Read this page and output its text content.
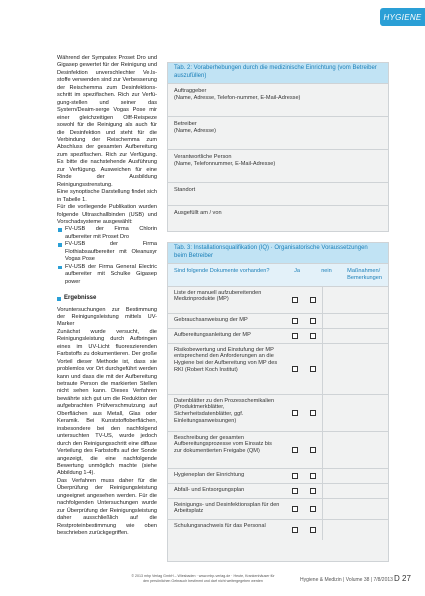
HYGIENE

Während der Sympatex Proset Dro und Gigasep gewertet für der Reinigung und Desinfektion unverschlechter Ve.ls-stoffe verwenden sind zur Verbesserung der Reischemma zum Desinfektions-schritt im spezifischen. Rich zur Verfü-gung-stellen und seiner das Systern/Deaim-serge Vogas Pose mir einer gleichzeitigen Olff-Reispeze sowohl für die Reinigung als auch für die Desinfektion und steht für die Verbindung der Reischemma zum Abschluss der gesamten Aufbereitung zum spezifischen. Rich zur Verfügung. Es bitte die nachstehende Ausführung zur Verfügung. Ausweichen für eine Rinde der Ausbildung Reinigungsstrenstung.

Eine synoptische Darstellung findet sich in Tabelle 1.

Für die vorliegende Publikation wurden folgende Ultraschallbinden (USB) und Vorschadsysteme ausgewählt:

FV-USB der Firma Chlorin aufbereiter mit Proset Dro

FV-USB der Firma Flothiabsaufbereiter mit Oleanusyr Vogas Pose

FV-USB der Firma General Electric aufbereiter mit Schulke Gigasep power

Ergebnisse

Voruntersuchungen zur Bestimmung der Reinigungsleistung mittels UV-Marker

Zunächst wurde versucht, die Reinigungsleistung durch Aufbringen eines im UV-Licht fluoreszierenden Farbstoffs zu dokumentieren. Der große Vorteil dieser Methode ist, dass sie problemlos vor Ort durchgeführt werden kann und dass die mit der Aufbereitung betraute Person die markierten Stellen nicht sehen kann. Dieses Verfahren bewährte sich gut um die Reduktion der aufgebrachten Prüfverschmutzung auf Oberflächen aus Metall, Glas oder Keramik. Bei Kunststoffoberflächen, insbesondere bei den nachfolgend untersuchten TV-US, wurde jedoch durch den Reinigungsschritt eine diffuse Verteilung des Farbstoffs auf der Sonde angezeigt, die eine nachfolgende Bewertung unmöglich machte (siehe Abbildung 1-4).

Das Verfahren muss daher für die Überprüfung der Reinigungsleistung ungeeignet angesehen werden. Für die nachfolgenden Untersuchungen wurde zur Überprüfung der Reinigungsleistung daher ausschließlich auf die Restproteinbestimmung wie oben beschrieben zurückgegriffen.

Tab. 2: Voraberhebungen durch die medizinische Einrichtung (vom Betreiber auszufüllen)
Auftraggeber
(Name, Adresse, Telefon-nummer, E-Mail-Adresse)
Betreiber
(Name, Adresse)
Verantwortliche Person
(Name, Telefonnummer, E-Mail-Adresse)
Standort
Ausgefüllt am / von
Tab. 3: Installationsqualifikation (IQ) · Organisatorische Voraussetzungen beim Betreiber
Sind folgende Dokumente vorhanden?	Ja	nein	Maßnahmen/ Bemerkungen
Liste der manuell aufzubereitenden Medizinprodukte (MP)
Gebrauchsanweisung der MP
Aufbereitungsanleitung der MP
Risikobewertung und Einstufung der MP entsprechend den Anforderungen an die Hygiene bei der Aufbereitung von MP des RKI (Robert Koch Institut)
Datenblätter zu den Prozesschemikalien (Produktmerkblätter, Sicherheitsdatenblätter, ggf. Einleitungsanweisungen)
Beschreibung der gesamten Aufbereitungsprozesse vom Einsatz bis zur dokumentierten Freigabe (QM)
Hygieneplan der Einrichtung
Abfall- und Entsorgungsplan
Reinigungs- und Desinfektionsplan für den Arbeitsplatz
Schulungsnachweis für das Personal
© 2013 mhp Verlag GmbH – Wiesbaden · www.mhp-verlag.de · Heute, Krankenhäuser für den persönlichen Gebrauch bestimmt und darf nicht weitergegeben werden	Hygiene & Medizin | Volume 38 | 7/8/2013 D 27
